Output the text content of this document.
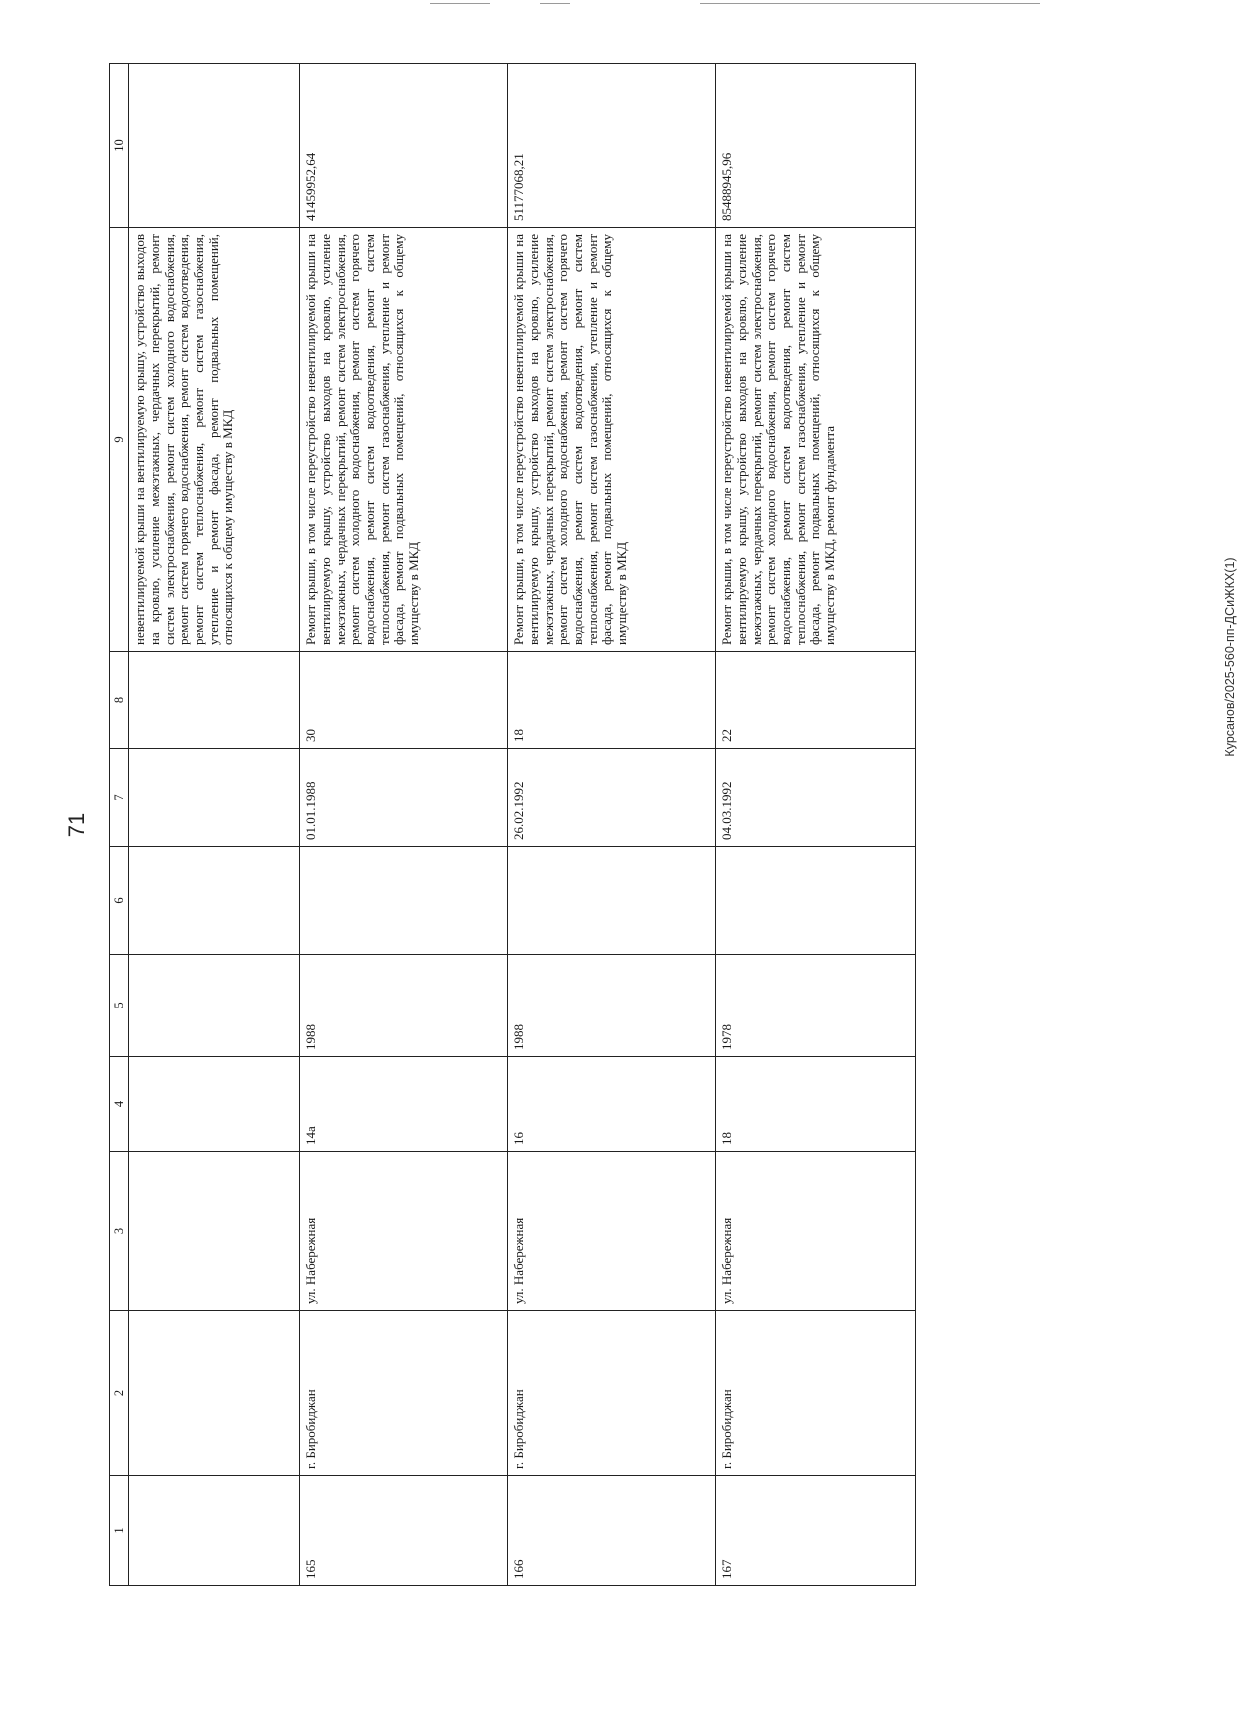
71
Курсанов/2025-560-пп-ДСиЖКХ(1)
1	2	3	4	5	6	7	8	9	10
								невентилируемой крыши на вентилируемую крышу, устройство выходов на кровлю, усиление межэтажных, чердачных перекрытий, ремонт систем электроснабжения, ремонт систем холодного водоснабжения, ремонт систем горячего водоснабжения, ремонт систем водоотведения, ремонт систем теплоснабжения, ремонт систем газоснабжения, утепление и ремонт фасада, ремонт подвальных помещений, относящихся к общему имуществу в МКД	
165	г. Биробиджан	ул. Набережная	14а	1988		01.01.1988	30	Ремонт крыши, в том числе переустройство невентилируемой крыши на вентилируемую крышу, устройство выходов на кровлю, усиление межэтажных, чердачных перекрытий, ремонт систем электроснабжения, ремонт систем холодного водоснабжения, ремонт систем горячего водоснабжения, ремонт систем водоотведения, ремонт систем теплоснабжения, ремонт систем газоснабжения, утепление и ремонт фасада, ремонт подвальных помещений, относящихся к общему имуществу в МКД	41459952,64
166	г. Биробиджан	ул. Набережная	16	1988		26.02.1992	18	Ремонт крыши, в том числе переустройство невентилируемой крыши на вентилируемую крышу, устройство выходов на кровлю, усиление межэтажных, чердачных перекрытий, ремонт систем электроснабжения, ремонт систем холодного водоснабжения, ремонт систем горячего водоснабжения, ремонт систем водоотведения, ремонт систем теплоснабжения, ремонт систем газоснабжения, утепление и ремонт фасада, ремонт подвальных помещений, относящихся к общему имуществу в МКД	51177068,21
167	г. Биробиджан	ул. Набережная	18	1978		04.03.1992	22	Ремонт крыши, в том числе переустройство невентилируемой крыши на вентилируемую крышу, устройство выходов на кровлю, усиление межэтажных, чердачных перекрытий, ремонт систем электроснабжения, ремонт систем холодного водоснабжения, ремонт систем горячего водоснабжения, ремонт систем водоотведения, ремонт систем теплоснабжения, ремонт систем газоснабжения, утепление и ремонт фасада, ремонт подвальных помещений, относящихся к общему имуществу в МКД, ремонт фундамента	85488945,96
